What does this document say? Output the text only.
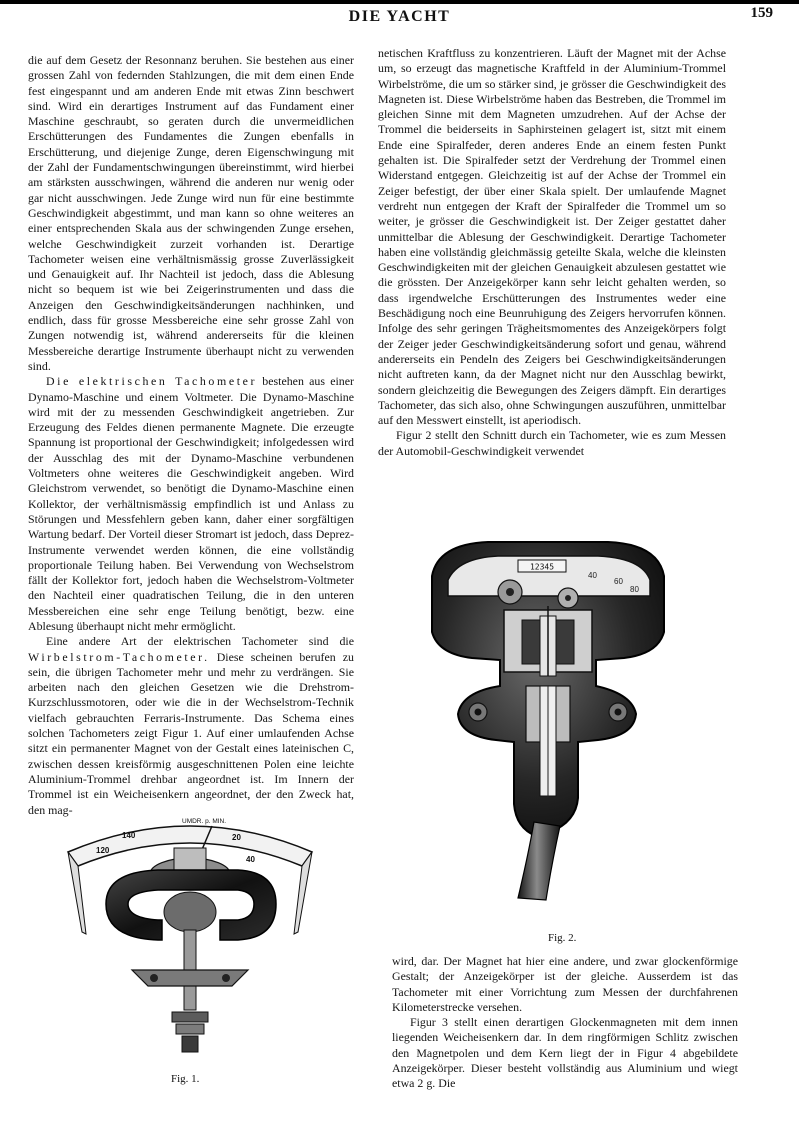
DIE YACHT	159

die auf dem Gesetz der Resonnanz beruhen. Sie bestehen aus einer grossen Zahl von federnden Stahlzungen, die mit dem einen Ende fest eingespannt und am anderen Ende mit etwas Zinn beschwert sind. Wird ein derartiges Instrument auf das Fundament einer Maschine geschraubt, so geraten durch die unvermeidlichen Erschütterungen des Fundamentes die Zungen ebenfalls in Erschütterung, und diejenige Zunge, deren Eigenschwingung mit der Zahl der Fundamentschwingungen übereinstimmt, wird hierbei am stärksten ausschwingen, während die anderen nur wenig oder gar nicht ausschwingen. Jede Zunge wird nun für eine bestimmte Geschwindigkeit abgestimmt, und man kann so ohne weiteres an einer entsprechenden Skala aus der schwingenden Zunge ersehen, welche Geschwindigkeit zurzeit vorhanden ist. Derartige Tachometer weisen eine verhältnismässig grosse Zuverlässigkeit und Genauigkeit auf. Ihr Nachteil ist jedoch, dass die Ablesung nicht so bequem ist wie bei Zeigerinstrumenten und dass die Anzeigen den Geschwindigkeitsänderungen nachhinken, und endlich, dass für grosse Messbereiche eine sehr grosse Zahl von Zungen notwendig ist, während andererseits für die kleinen Messbereiche derartige Instrumente überhaupt nicht zu verwenden sind.

Die elektrischen Tachometer bestehen aus einer Dynamo-Maschine und einem Voltmeter. Die Dynamo-Maschine wird mit der zu messenden Geschwindigkeit angetrieben. Zur Erzeugung des Feldes dienen permanente Magnete. Die erzeugte Spannung ist proportional der Geschwindigkeit; infolgedessen wird der Ausschlag des mit der Dynamo-Maschine verbundenen Voltmeters ohne weiteres die Geschwindigkeit angeben. Wird Gleichstrom verwendet, so benötigt die Dynamo-Maschine einen Kollektor, der verhältnismässig empfindlich ist und Anlass zu Störungen und Messfehlern geben kann, daher einer sorgfältigen Wartung bedarf. Der Vorteil dieser Stromart ist jedoch, dass Deprez-Instrumente verwendet werden können, die eine vollständig proportionale Teilung haben. Bei Verwendung von Wechselstrom fällt der Kollektor fort, jedoch haben die Wechselstrom-Voltmeter den Nachteil einer quadratischen Teilung, die in den unteren Messbereichen eine sehr enge Teilung benötigt, bezw. eine Ablesung überhaupt nicht mehr ermöglicht.

Eine andere Art der elektrischen Tachometer sind die Wirbelstrom-Tachometer. Diese scheinen berufen zu sein, die übrigen Tachometer mehr und mehr zu verdrängen. Sie arbeiten nach den gleichen Gesetzen wie die Drehstrom-Kurzschlussmotoren, oder wie die in der Wechselstrom-Technik vielfach gebrauchten Ferraris-Instrumente. Das Schema eines solchen Tachometers zeigt Figur 1. Auf einer umlaufenden Achse sitzt ein permanenter Magnet von der Gestalt eines lateinischen C, zwischen dessen kreisförmig ausgeschnittenen Polen eine leichte Aluminium-Trommel drehbar angeordnet ist. Im Innern der Trommel ist ein Weicheisenkern angeordnet, der den Zweck hat, den mag-

netischen Kraftfluss zu konzentrieren. Läuft der Magnet mit der Achse um, so erzeugt das magnetische Kraftfeld in der Aluminium-Trommel Wirbelströme, die um so stärker sind, je grösser die Geschwindigkeit des Magneten ist. Diese Wirbelströme haben das Bestreben, die Trommel im gleichen Sinne mit dem Magneten umzudrehen. Auf der Achse der Trommel die beiderseits in Saphirsteinen gelagert ist, sitzt mit einem Ende eine Spiralfeder, deren anderes Ende an einem festen Punkt gehalten ist. Die Spiralfeder setzt der Verdrehung der Trommel einen Widerstand entgegen. Gleichzeitig ist auf der Achse der Trommel ein Zeiger befestigt, der über einer Skala spielt. Der umlaufende Magnet verdreht nun entgegen der Kraft der Spiralfeder die Trommel um so weiter, je grösser die Geschwindigkeit ist. Der Zeiger gestattet daher unmittelbar die Ablesung der Geschwindigkeit. Derartige Tachometer haben eine vollständig gleichmässig geteilte Skala, welche die kleinsten Geschwindigkeiten mit der gleichen Genauigkeit abzulesen gestattet wie die grössten. Der Anzeigekörper kann sehr leicht gehalten werden, so dass irgendwelche Erschütterungen des Instrumentes weder eine Beschädigung noch eine Beunruhigung des Zeigers hervorrufen können. Infolge des sehr geringen Trägheitsmomentes des Anzeigekörpers folgt der Zeiger jeder Geschwindigkeitsänderung sofort und genau, während andererseits ein Pendeln des Zeigers bei Geschwindigkeitsänderungen nicht auftreten kann, da der Magnet nicht nur den Ausschlag bewirkt, sondern gleichzeitig die Bewegungen des Zeigers dämpft. Ein derartiges Tachometer, das sich also, ohne Schwingungen auszuführen, unmittelbar auf den Messwert einstellt, ist aperiodisch.

Figur 2 stellt den Schnitt durch ein Tachometer, wie es zum Messen der Automobil-Geschwindigkeit verwendet

12345
40
60
80
Fig. 2.

wird, dar. Der Magnet hat hier eine andere, und zwar glockenförmige Gestalt; der Anzeigekörper ist der gleiche. Ausserdem ist das Tachometer mit einer Vorrichtung zum Messen der durchfahrenen Kilometerstrecke versehen.

Figur 3 stellt einen derartigen Glockenmagneten mit dem innen liegenden Weicheisenkern dar. In dem ringförmigen Schlitz zwischen den Magnetpolen und dem Kern liegt der in Figur 4 abgebildete Anzeigekörper. Dieser besteht vollständig aus Aluminium und wiegt etwa 2 g. Die

UMDR. p. MIN.
120
140	20
40
Fig. 1.
